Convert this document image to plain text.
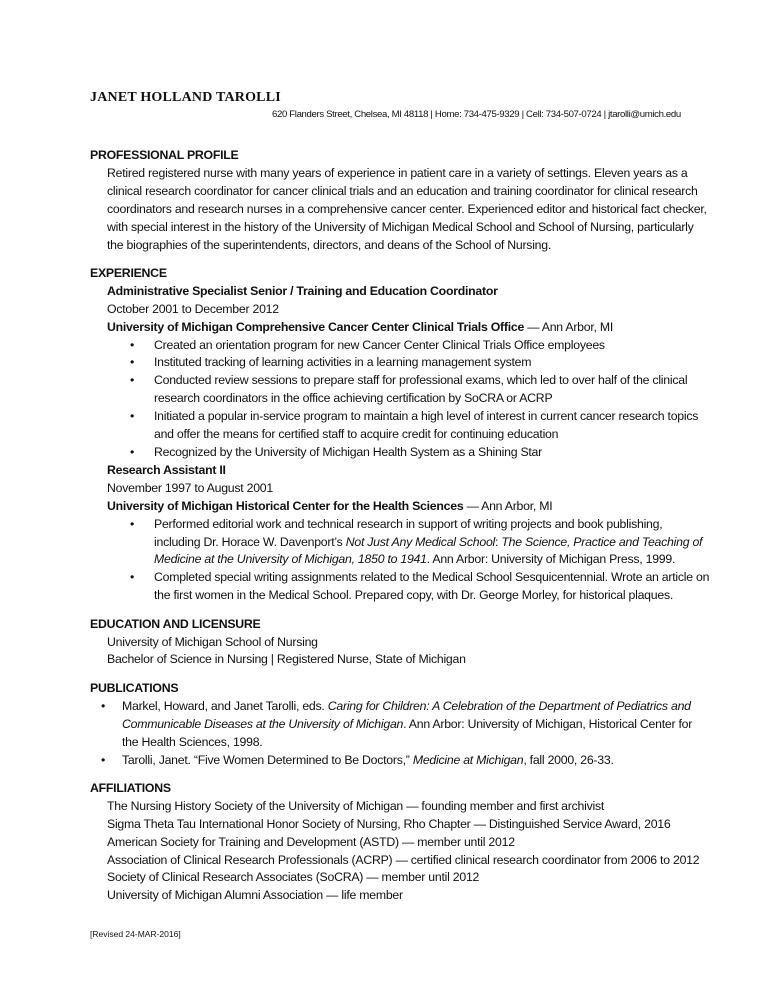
JANET HOLLAND TAROLLI
620 Flanders Street, Chelsea, MI 48118 | Home: 734-475-9329 | Cell: 734-507-0724 | jtarolli@umich.edu
PROFESSIONAL PROFILE
Retired registered nurse with many years of experience in patient care in a variety of settings. Eleven years as a clinical research coordinator for cancer clinical trials and an education and training coordinator for clinical research coordinators and research nurses in a comprehensive cancer center. Experienced editor and historical fact checker, with special interest in the history of the University of Michigan Medical School and School of Nursing, particularly the biographies of the superintendents, directors, and deans of the School of Nursing.
EXPERIENCE
Administrative Specialist Senior / Training and Education Coordinator
October 2001 to December 2012
University of Michigan Comprehensive Cancer Center Clinical Trials Office — Ann Arbor, MI
• Created an orientation program for new Cancer Center Clinical Trials Office employees
• Instituted tracking of learning activities in a learning management system
• Conducted review sessions to prepare staff for professional exams, which led to over half of the clinical research coordinators in the office achieving certification by SoCRA or ACRP
• Initiated a popular in-service program to maintain a high level of interest in current cancer research topics and offer the means for certified staff to acquire credit for continuing education
• Recognized by the University of Michigan Health System as a Shining Star
Research Assistant II
November 1997 to August 2001
University of Michigan Historical Center for the Health Sciences — Ann Arbor, MI
• Performed editorial work and technical research in support of writing projects and book publishing, including Dr. Horace W. Davenport’s Not Just Any Medical School: The Science, Practice and Teaching of Medicine at the University of Michigan, 1850 to 1941. Ann Arbor: University of Michigan Press, 1999.
• Completed special writing assignments related to the Medical School Sesquicentennial. Wrote an article on the first women in the Medical School. Prepared copy, with Dr. George Morley, for historical plaques.
EDUCATION AND LICENSURE
University of Michigan School of Nursing
Bachelor of Science in Nursing | Registered Nurse, State of Michigan
PUBLICATIONS
• Markel, Howard, and Janet Tarolli, eds. Caring for Children: A Celebration of the Department of Pediatrics and Communicable Diseases at the University of Michigan. Ann Arbor: University of Michigan, Historical Center for the Health Sciences, 1998.
• Tarolli, Janet. “Five Women Determined to Be Doctors,” Medicine at Michigan, fall 2000, 26-33.
AFFILIATIONS
The Nursing History Society of the University of Michigan — founding member and first archivist
Sigma Theta Tau International Honor Society of Nursing, Rho Chapter — Distinguished Service Award, 2016
American Society for Training and Development (ASTD) — member until 2012
Association of Clinical Research Professionals (ACRP) — certified clinical research coordinator from 2006 to 2012
Society of Clinical Research Associates (SoCRA) — member until 2012
University of Michigan Alumni Association — life member
[Revised 24-MAR-2016]
